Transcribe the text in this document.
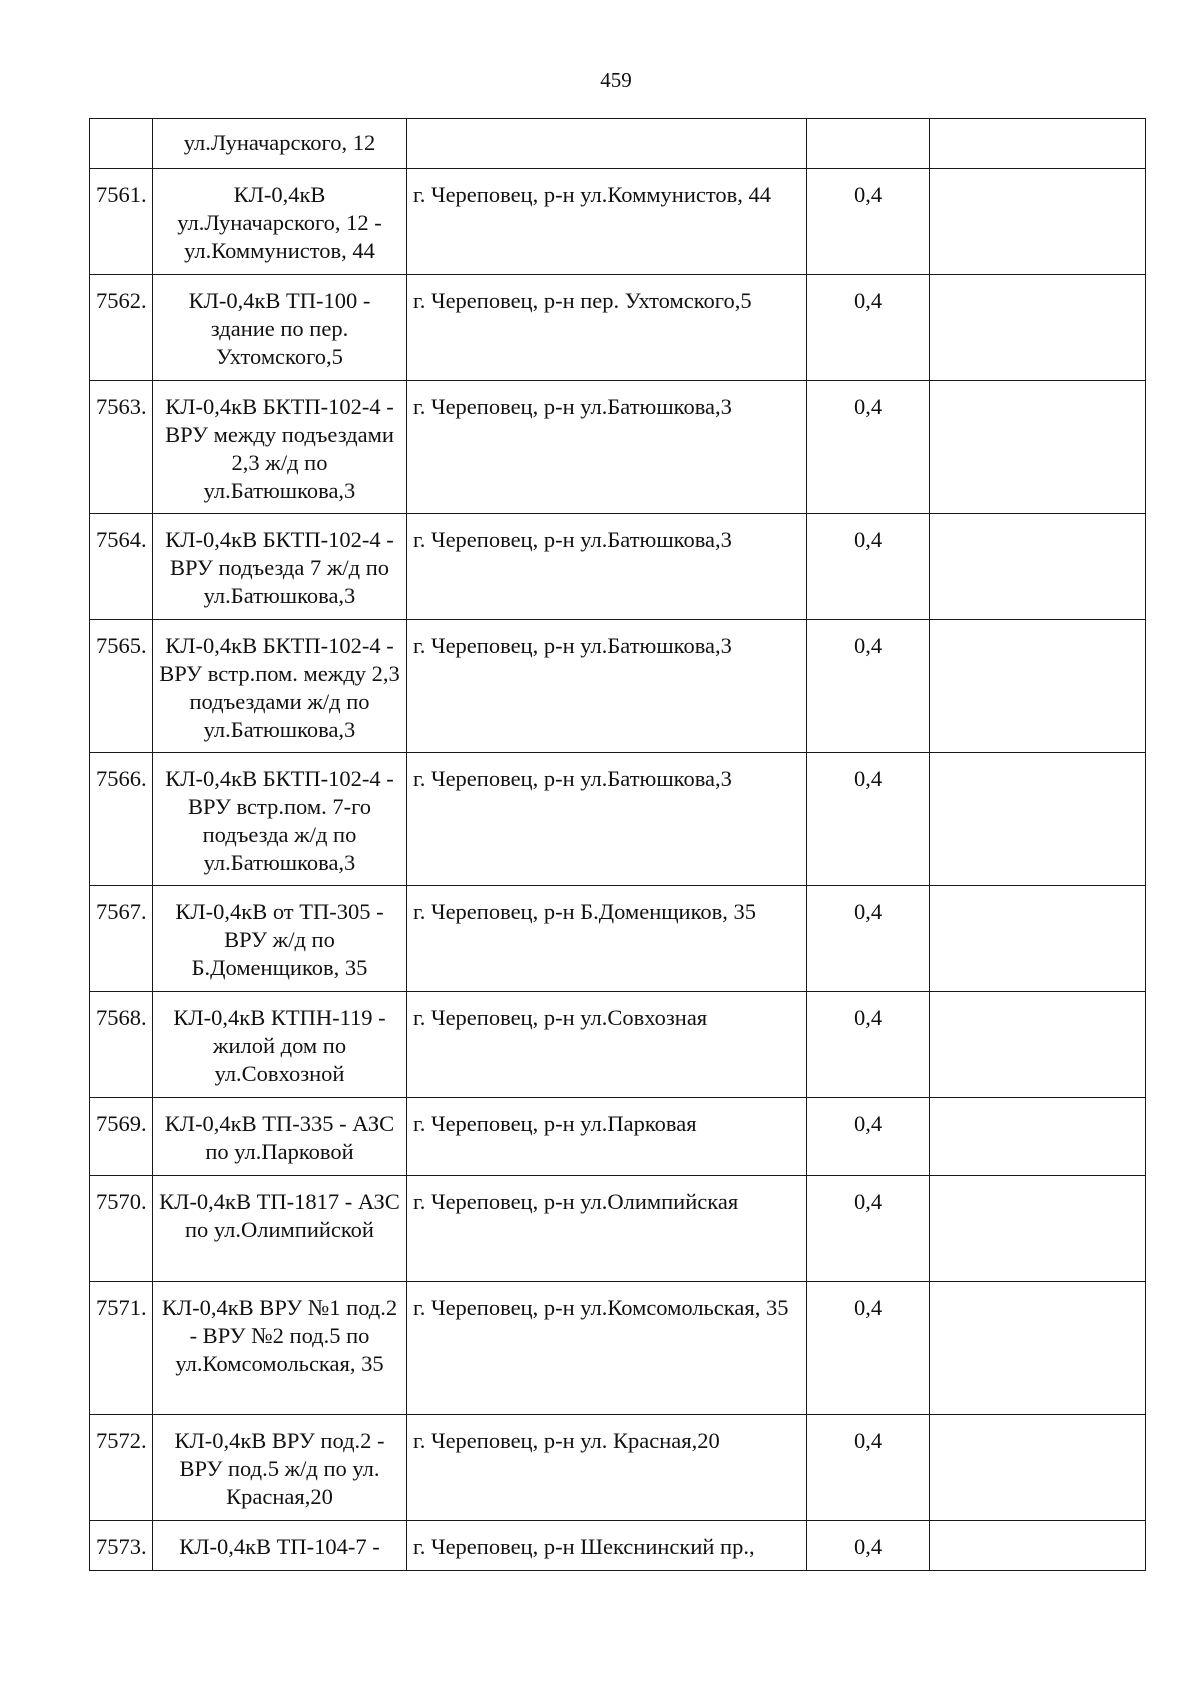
459
	ул.Луначарского, 12			
7561.	КЛ-0,4кВ ул.Луначарского, 12 - ул.Коммунистов, 44	г. Череповец, р-н ул.Коммунистов, 44	0,4	
7562.	КЛ-0,4кВ ТП-100 - здание по пер. Ухтомского,5	г. Череповец, р-н пер. Ухтомского,5	0,4	
7563.	КЛ-0,4кВ БКТП-102-4 - ВРУ между подъездами 2,3 ж/д по ул.Батюшкова,3	г. Череповец, р-н ул.Батюшкова,3	0,4	
7564.	КЛ-0,4кВ БКТП-102-4 - ВРУ подъезда 7 ж/д по ул.Батюшкова,3	г. Череповец, р-н ул.Батюшкова,3	0,4	
7565.	КЛ-0,4кВ БКТП-102-4 - ВРУ встр.пом. между 2,3 подъездами ж/д по ул.Батюшкова,3	г. Череповец, р-н ул.Батюшкова,3	0,4	
7566.	КЛ-0,4кВ БКТП-102-4 - ВРУ встр.пом. 7-го подъезда ж/д по ул.Батюшкова,3	г. Череповец, р-н ул.Батюшкова,3	0,4	
7567.	КЛ-0,4кВ от ТП-305 - ВРУ ж/д по Б.Доменщиков, 35	г. Череповец, р-н Б.Доменщиков, 35	0,4	
7568.	КЛ-0,4кВ КТПН-119 - жилой дом по ул.Совхозной	г. Череповец, р-н ул.Совхозная	0,4	
7569.	КЛ-0,4кВ ТП-335 - АЗС по ул.Парковой	г. Череповец, р-н ул.Парковая	0,4	
7570.	КЛ-0,4кВ ТП-1817 - АЗС по ул.Олимпийской	г. Череповец, р-н ул.Олимпийская	0,4	
7571.	КЛ-0,4кВ ВРУ №1 под.2 - ВРУ №2 под.5 по ул.Комсомольская, 35	г. Череповец, р-н ул.Комсомольская, 35	0,4	
7572.	КЛ-0,4кВ ВРУ под.2 - ВРУ под.5 ж/д по ул. Красная,20	г. Череповец, р-н ул. Красная,20	0,4	
7573.	КЛ-0,4кВ ТП-104-7 -	г. Череповец, р-н Шекснинский пр.,	0,4	
